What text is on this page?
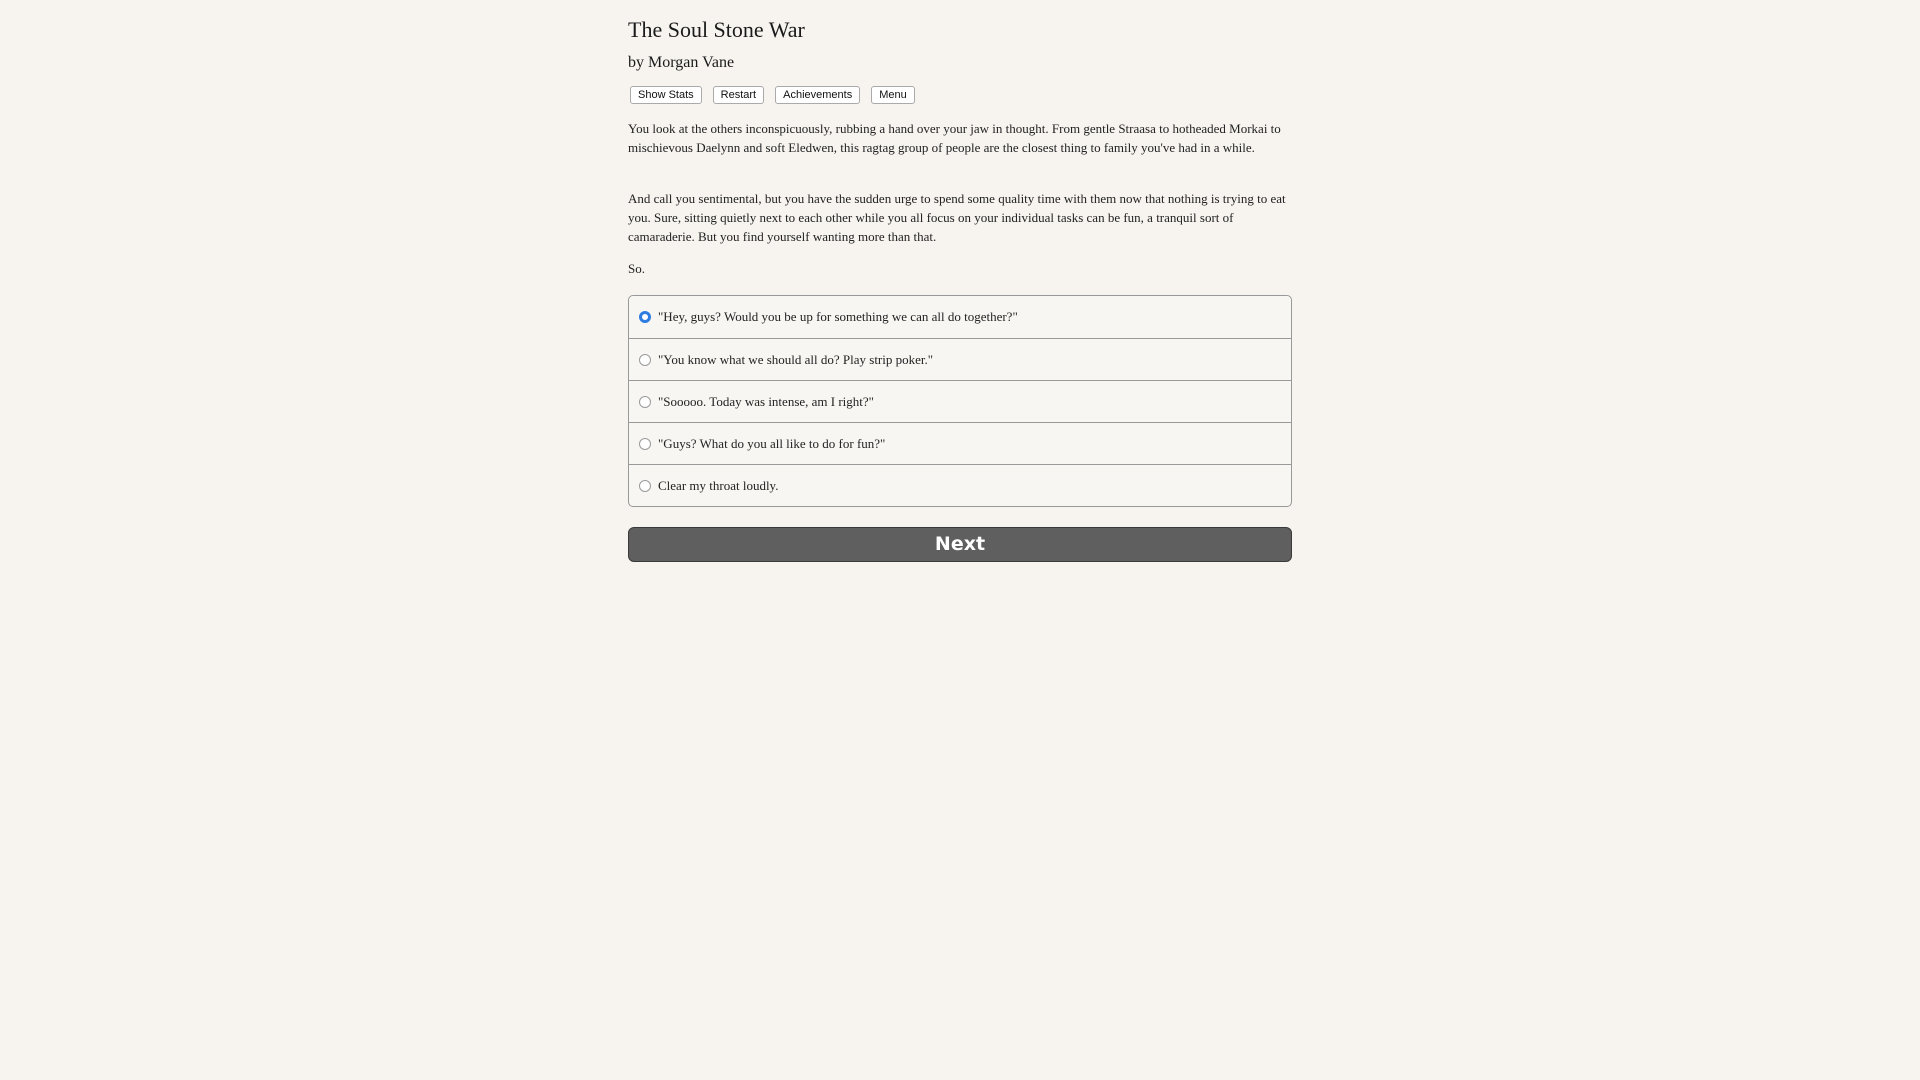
The Soul Stone War
by Morgan Vane
Show Stats	Restart	Achievements	Menu

You look at the others inconspicuously, rubbing a hand over your jaw in thought. From gentle Straasa to hotheaded Morkai to mischievous Daelynn and soft Eledwen, this ragtag group of people are the closest thing to family you've had in a while.

And call you sentimental, but you have the sudden urge to spend some quality time with them now that nothing is trying to eat you. Sure, sitting quietly next to each other while you all focus on your individual tasks can be fun, a tranquil sort of camaraderie. But you find yourself wanting more than that.

So.

"Hey, guys? Would you be up for something we can all do together?"
"You know what we should all do? Play strip poker."
"Sooooo. Today was intense, am I right?"
"Guys? What do you all like to do for fun?"
Clear my throat loudly.
Next
